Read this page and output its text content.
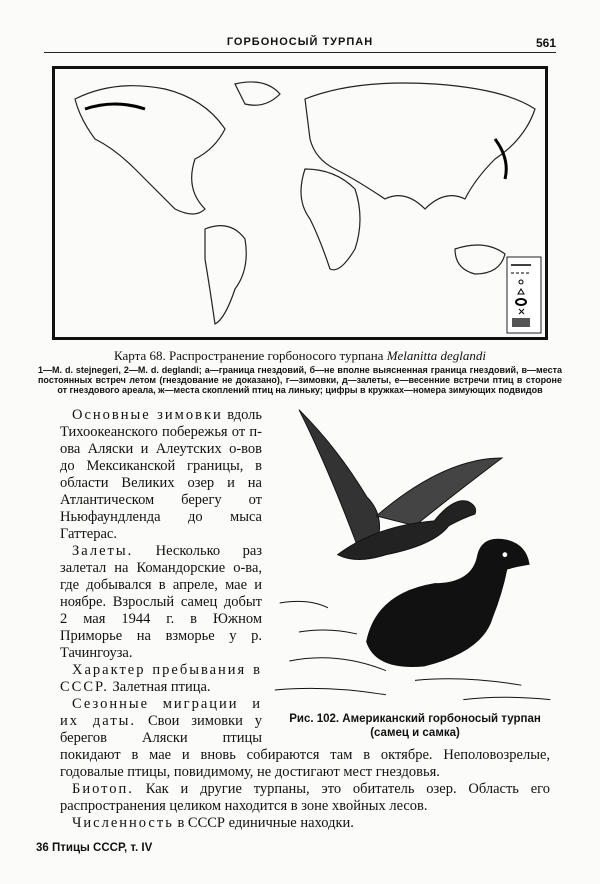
ГОРБОНОСЫЙ ТУРПАН	561
Карта 68. Распространение горбоносого турпана Melanitta deglandi
1—M. d. stejnegeri, 2—M. d. deglandi; а—граница гнездовий, б—не вполне выясненная граница гнездовий, в—места постоянных встреч летом (гнездование не доказано), г—зимовки, д—залеты, е—весенние встречи птиц в стороне от гнездового ареала, ж—места скоплений птиц на линьку; цифры в кружках—номера зимующих подвидов
Рис. 102. Американский горбоносый турпан (самец и самка)

Основные зимовки вдоль Тихоокеанского побережья от п-ова Аляски и Алеутских о-вов до Мексиканской границы, в области Великих озер и на Атлантическом берегу от Ньюфаундленда до мыса Гаттерас.

Залеты. Несколько раз залетал на Командорские о-ва, где добывался в апреле, мае и ноябре. Взрослый самец добыт 2 мая 1944 г. в Южном Приморье на взморье у р. Тачингоуза.

Характер пребывания в СССР. Залетная птица.

Сезонные миграции и их даты. Свои зимовки у берегов Аляски птицы покидают в мае и вновь собираются там в октябре. Неполовозрелые, годовалые птицы, повидимому, не достигают мест гнездовья.

Биотоп. Как и другие турпаны, это обитатель озер. Область его распространения целиком находится в зоне хвойных лесов.

Численность в СССР единичные находки.

36 Птицы СССР, т. IV
